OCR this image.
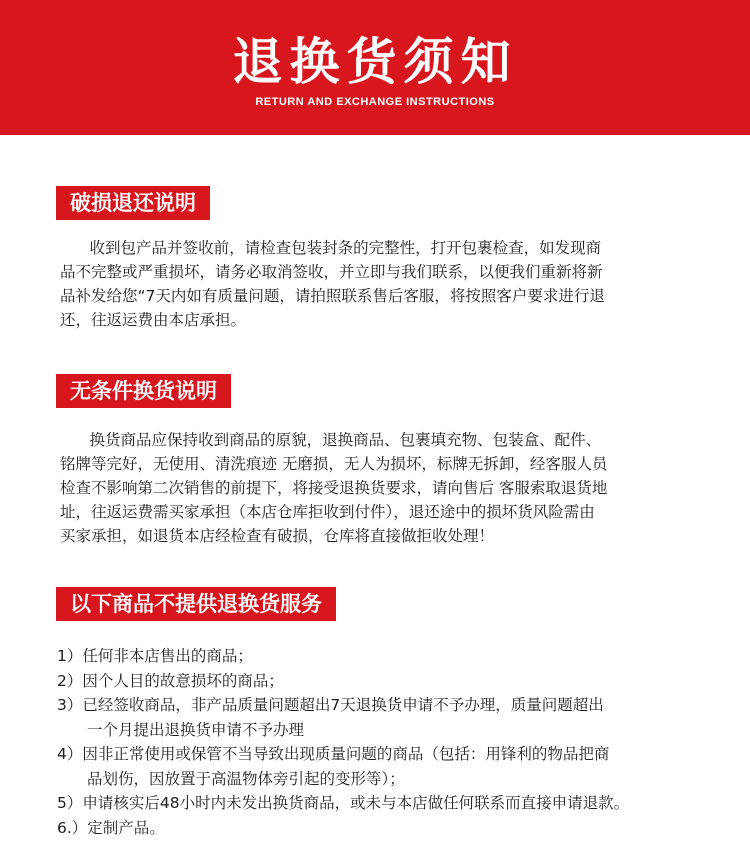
退换货须知
RETURN AND EXCHANGE INSTRUCTIONS
破损退还说明
收到包产品并签收前，请检查包装封条的完整性，打开包裹检查，如发现商
品不完整或严重损坏，请务必取消签收，并立即与我们联系，以便我们重新将新
品补发给您“7天内如有质量问题，请拍照联系售后客服，将按照客户要求进行退
还，往返运费由本店承担。
无条件换货说明
换货商品应保持收到商品的原貌，退换商品、包裹填充物、包装盒、配件、
铭牌等完好，无使用、清洗痕迹 无磨损，无人为损坏，标牌无拆卸，经客服人员
检查不影响第二次销售的前提下，将接受退换货要求，请向售后 客服索取退货地
址，往返运费需买家承担（本店仓库拒收到付件），退还途中的损坏货风险需由
买家承担，如退货本店经检查有破损，仓库将直接做拒收处理！
以下商品不提供退换货服务
1）任何非本店售出的商品；
2）因个人目的故意损坏的商品；
3）已经签收商品，非产品质量问题超出7天退换货申请不予办理，质量问题超出
一个月提出退换货申请不予办理
4）因非正常使用或保管不当导致出现质量问题的商品（包括：用锋利的物品把商
品划伤，因放置于高温物体旁引起的变形等）；
5）申请核实后48小时内未发出换货商品，或未与本店做任何联系而直接申请退款。
6.）定制产品。
